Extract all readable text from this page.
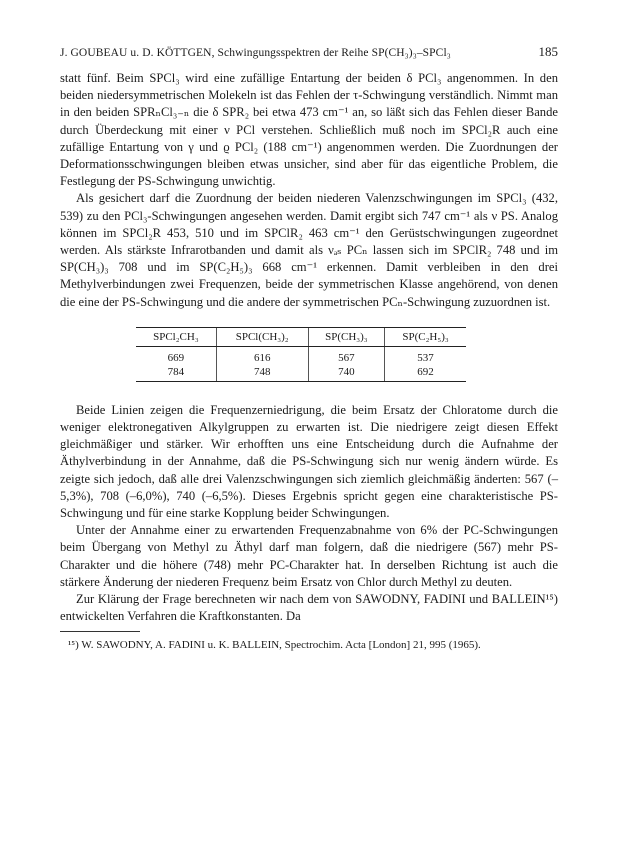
J. GOUBEAU u. D. KÖTTGEN, Schwingungsspektren der Reihe SP(CH₃)₃–SPCl₃	185

statt fünf. Beim SPCl₃ wird eine zufällige Entartung der beiden δ PCl₃ angenommen. In den beiden niedersymmetrischen Molekeln ist das Fehlen der τ-Schwingung verständlich. Nimmt man in den beiden SPRₙCl₃₋ₙ die δ SPR₂ bei etwa 473 cm⁻¹ an, so läßt sich das Fehlen dieser Bande durch Überdeckung mit einer ν PCl verstehen. Schließlich muß noch im SPCl₂R auch eine zufällige Entartung von γ und ϱ PCl₂ (188 cm⁻¹) angenommen werden. Die Zuordnungen der Deformationsschwingungen bleiben etwas unsicher, sind aber für das eigentliche Problem, die Festlegung der PS-Schwingung unwichtig.

Als gesichert darf die Zuordnung der beiden niederen Valenzschwingungen im SPCl₃ (432, 539) zu den PCl₃-Schwingungen angesehen werden. Damit ergibt sich 747 cm⁻¹ als ν PS. Analog können im SPCl₂R 453, 510 und im SPClR₂ 463 cm⁻¹ den Gerüstschwingungen zugeordnet werden. Als stärkste Infrarotbanden und damit als νₐₛ PCₙ lassen sich im SPClR₂ 748 und im SP(CH₃)₃ 708 und im SP(C₂H₅)₃ 668 cm⁻¹ erkennen. Damit verbleiben in den drei Methylverbindungen zwei Frequenzen, beide der symmetrischen Klasse angehörend, von denen die eine der PS-Schwingung und die andere der symmetrischen PCₙ-Schwingung zuzuordnen ist.

SPCl₂CH₃	SPCl(CH₃)₂	SP(CH₃)₃	SP(C₂H₅)₃
669	616	567	537
784	748	740	692

Beide Linien zeigen die Frequenzerniedrigung, die beim Ersatz der Chloratome durch die weniger elektronegativen Alkylgruppen zu erwarten ist. Die niedrigere zeigt diesen Effekt gleichmäßiger und stärker. Wir erhofften uns eine Entscheidung durch die Aufnahme der Äthylverbindung in der Annahme, daß die PS-Schwingung sich nur wenig ändern würde. Es zeigte sich jedoch, daß alle drei Valenzschwingungen sich ziemlich gleichmäßig änderten: 567 (–5,3%), 708 (–6,0%), 740 (–6,5%). Dieses Ergebnis spricht gegen eine charakteristische PS-Schwingung und für eine starke Kopplung beider Schwingungen.

Unter der Annahme einer zu erwartenden Frequenzabnahme von 6% der PC-Schwingungen beim Übergang von Methyl zu Äthyl darf man folgern, daß die niedrigere (567) mehr PS-Charakter und die höhere (748) mehr PC-Charakter hat. In derselben Richtung ist auch die stärkere Änderung der niederen Frequenz beim Ersatz von Chlor durch Methyl zu deuten.

Zur Klärung der Frage berechneten wir nach dem von SAWODNY, FADINI und BALLEIN¹⁵) entwickelten Verfahren die Kraftkonstanten. Da

¹⁵) W. SAWODNY, A. FADINI u. K. BALLEIN, Spectrochim. Acta [London] 21, 995 (1965).
